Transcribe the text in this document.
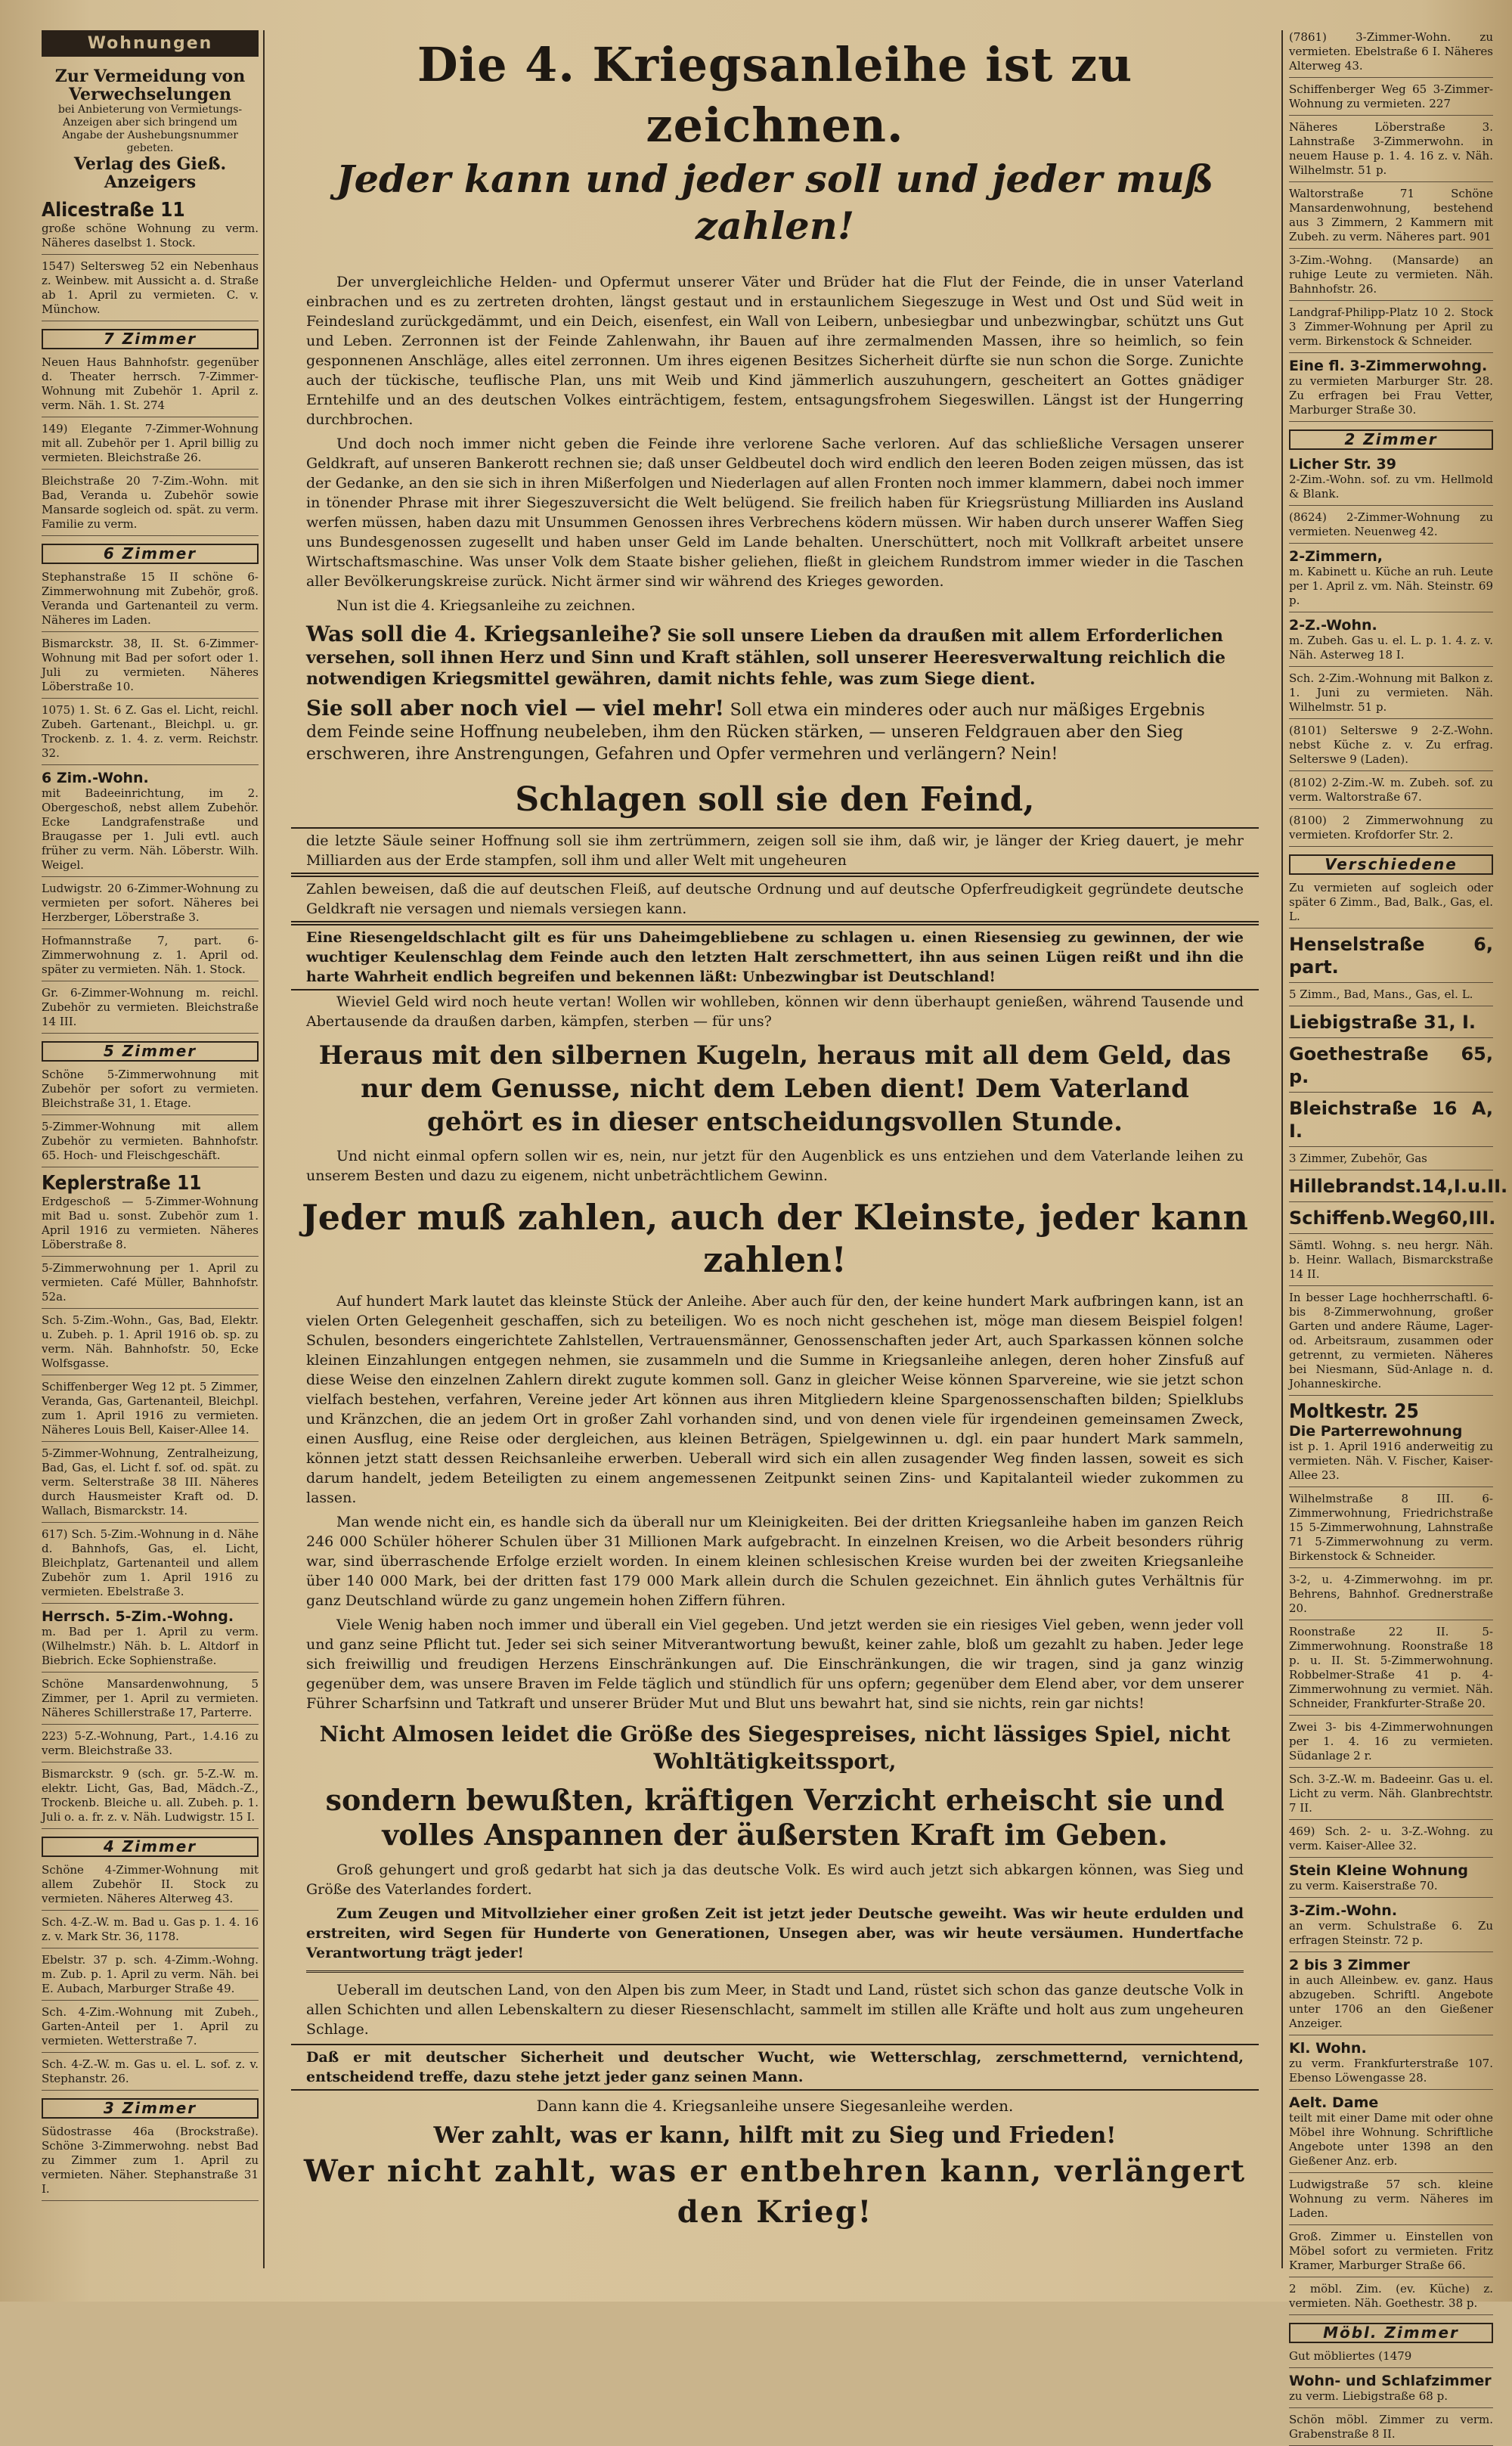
Wohnungen
Zur Vermeidung von Verwechselungen
bei Anbieterung von Vermietungs-Anzeigen aber sich bringend um Angabe der Aushebungsnummer gebeten.
Verlag des Gieß. Anzeigers
Alicestraße 11
große schöne Wohnung zu verm. Näheres daselbst 1. Stock.
1547) Seltersweg 52 ein Nebenhaus z. Weinbew. mit Aussicht a. d. Straße ab 1. April zu vermieten. C. v. Münchow.
7 Zimmer
Neuen Haus Bahnhofstr. gegenüber d. Theater herrsch. 7-Zimmer-Wohnung mit Zubehör 1. April z. verm. Näh. 1. St. 274
149) Elegante 7-Zimmer-Wohnung mit all. Zubehör per 1. April billig zu vermieten. Bleichstraße 26.
Bleichstraße 20 7-Zim.-Wohn. mit Bad, Veranda u. Zubehör sowie Mansarde sogleich od. spät. zu verm. Familie zu verm.
6 Zimmer
Stephanstraße 15 II schöne 6-Zimmerwohnung mit Zubehör, groß. Veranda und Gartenanteil zu verm. Näheres im Laden.
Bismarckstr. 38, II. St. 6-Zimmer-Wohnung mit Bad per sofort oder 1. Juli zu vermieten. Näheres Löberstraße 10.
1075) 1. St. 6 Z. Gas el. Licht, reichl. Zubeh. Gartenant., Bleichpl. u. gr. Trockenb. z. 1. 4. z. verm. Reichstr. 32.
6 Zim.-Wohn.
mit Badeeinrichtung, im 2. Obergeschoß, nebst allem Zubehör. Ecke Landgrafenstraße und Braugasse per 1. Juli evtl. auch früher zu verm. Näh. Löberstr. Wilh. Weigel.
Ludwigstr. 20 6-Zimmer-Wohnung zu vermieten per sofort. Näheres bei Herzberger, Löberstraße 3.
Hofmannstraße 7, part. 6-Zimmerwohnung z. 1. April od. später zu vermieten. Näh. 1. Stock.
Gr. 6-Zimmer-Wohnung m. reichl. Zubehör zu vermieten. Bleichstraße 14 III.
5 Zimmer
Schöne 5-Zimmerwohnung mit Zubehör per sofort zu vermieten. Bleichstraße 31, 1. Etage.
5-Zimmer-Wohnung mit allem Zubehör zu vermieten. Bahnhofstr. 65. Hoch- und Fleischgeschäft.
Keplerstraße 11
Erdgeschoß — 5-Zimmer-Wohnung mit Bad u. sonst. Zubehör zum 1. April 1916 zu vermieten. Näheres Löberstraße 8.
5-Zimmerwohnung per 1. April zu vermieten. Café Müller, Bahnhofstr. 52a.
Sch. 5-Zim.-Wohn., Gas, Bad, Elektr. u. Zubeh. p. 1. April 1916 ob. sp. zu verm. Näh. Bahnhofstr. 50, Ecke Wolfsgasse.
Schiffenberger Weg 12 pt. 5 Zimmer, Veranda, Gas, Gartenanteil, Bleichpl. zum 1. April 1916 zu vermieten. Näheres Louis Bell, Kaiser-Allee 14.
5-Zimmer-Wohnung, Zentralheizung, Bad, Gas, el. Licht f. sof. od. spät. zu verm. Selterstraße 38 III. Näheres durch Hausmeister Kraft od. D. Wallach, Bismarckstr. 14.
617) Sch. 5-Zim.-Wohnung in d. Nähe d. Bahnhofs, Gas, el. Licht, Bleichplatz, Gartenanteil und allem Zubehör zum 1. April 1916 zu vermieten. Ebelstraße 3.
Herrsch. 5-Zim.-Wohng.
m. Bad per 1. April zu verm. (Wilhelmstr.) Näh. b. L. Altdorf in Biebrich. Ecke Sophienstraße.
Schöne Mansardenwohnung, 5 Zimmer, per 1. April zu vermieten. Näheres Schillerstraße 17, Parterre.
223) 5-Z.-Wohnung, Part., 1.4.16 zu verm. Bleichstraße 33.
Bismarckstr. 9 (sch. gr. 5-Z.-W. m. elektr. Licht, Gas, Bad, Mädch.-Z., Trockenb. Bleiche u. all. Zubeh. p. 1. Juli o. a. fr. z. v. Näh. Ludwigstr. 15 I.
4 Zimmer
Schöne 4-Zimmer-Wohnung mit allem Zubehör II. Stock zu vermieten. Näheres Alterweg 43.
Sch. 4-Z.-W. m. Bad u. Gas p. 1. 4. 16 z. v. Mark Str. 36, 1178.
Ebelstr. 37 p. sch. 4-Zimm.-Wohng. m. Zub. p. 1. April zu verm. Näh. bei E. Aubach, Marburger Straße 49.
Sch. 4-Zim.-Wohnung mit Zubeh., Garten-Anteil per 1. April zu vermieten. Wetterstraße 7.
Sch. 4-Z.-W. m. Gas u. el. L. sof. z. v. Stephanstr. 26.
3 Zimmer
Südostrasse 46a (Brockstraße). Schöne 3-Zimmerwohng. nebst Bad zu Zimmer zum 1. April zu vermieten. Näher. Stephanstraße 31 I.
Die 4. Kriegsanleihe ist zu zeichnen.
Jeder kann und jeder soll und jeder muß zahlen!

Der unvergleichliche Helden- und Opfermut unserer Väter und Brüder hat die Flut der Feinde, die in unser Vaterland einbrachen und es zu zertreten drohten, längst gestaut und in erstaunlichem Siegeszuge in West und Ost und Süd weit in Feindesland zurückgedämmt, und ein Deich, eisenfest, ein Wall von Leibern, unbesiegbar und unbezwingbar, schützt uns Gut und Leben. Zerronnen ist der Feinde Zahlenwahn, ihr Bauen auf ihre zermalmenden Massen, ihre so heimlich, so fein gesponnenen Anschläge, alles eitel zerronnen. Um ihres eigenen Besitzes Sicherheit dürfte sie nun schon die Sorge. Zunichte auch der tückische, teuflische Plan, uns mit Weib und Kind jämmerlich auszuhungern, gescheitert an Gottes gnädiger Erntehilfe und an des deutschen Volkes einträchtigem, festem, entsagungsfrohem Siegeswillen. Längst ist der Hungerring durchbrochen.

Und doch noch immer nicht geben die Feinde ihre verlorene Sache verloren. Auf das schließliche Versagen unserer Geldkraft, auf unseren Bankerott rechnen sie; daß unser Geldbeutel doch wird endlich den leeren Boden zeigen müssen, das ist der Gedanke, an den sie sich in ihren Mißerfolgen und Niederlagen auf allen Fronten noch immer klammern, dabei noch immer in tönender Phrase mit ihrer Siegeszuversicht die Welt belügend. Sie freilich haben für Kriegsrüstung Milliarden ins Ausland werfen müssen, haben dazu mit Unsummen Genossen ihres Verbrechens ködern müssen. Wir haben durch unserer Waffen Sieg uns Bundesgenossen zugesellt und haben unser Geld im Lande behalten. Unerschüttert, noch mit Vollkraft arbeitet unsere Wirtschaftsmaschine. Was unser Volk dem Staate bisher geliehen, fließt in gleichem Rundstrom immer wieder in die Taschen aller Bevölkerungskreise zurück. Nicht ärmer sind wir während des Krieges geworden.

Nun ist die 4. Kriegsanleihe zu zeichnen.

Was soll die 4. Kriegsanleihe? Sie soll unsere Lieben da draußen mit allem Erforderlichen versehen, soll ihnen Herz und Sinn und Kraft stählen, soll unserer Heeresverwaltung reichlich die notwendigen Kriegsmittel gewähren, damit nichts fehle, was zum Siege dient.
Sie soll aber noch viel — viel mehr! Soll etwa ein minderes oder auch nur mäßiges Ergebnis dem Feinde seine Hoffnung neubeleben, ihm den Rücken stärken, — unseren Feldgrauen aber den Sieg erschweren, ihre Anstrengungen, Gefahren und Opfer vermehren und verlängern? Nein!
Schlagen soll sie den Feind,
die letzte Säule seiner Hoffnung soll sie ihm zertrümmern, zeigen soll sie ihm, daß wir, je länger der Krieg dauert, je mehr Milliarden aus der Erde stampfen, soll ihm und aller Welt mit ungeheuren
Zahlen beweisen, daß die auf deutschen Fleiß, auf deutsche Ordnung und auf deutsche Opferfreudigkeit gegründete deutsche Geldkraft nie versagen und niemals versiegen kann.
Eine Riesengeldschlacht gilt es für uns Daheimgebliebene zu schlagen u. einen Riesensieg zu gewinnen, der wie wuchtiger Keulenschlag dem Feinde auch den letzten Halt zerschmettert, ihn aus seinen Lügen reißt und ihn die harte Wahrheit endlich begreifen und bekennen läßt: Unbezwingbar ist Deutschland!

Wieviel Geld wird noch heute vertan! Wollen wir wohlleben, können wir denn überhaupt genießen, während Tausende und Abertausende da draußen darben, kämpfen, sterben — für uns?

Heraus mit den silbernen Kugeln, heraus mit all dem Geld, das nur dem Genusse, nicht dem Leben dient! Dem Vaterland gehört es in dieser entscheidungsvollen Stunde.

Und nicht einmal opfern sollen wir es, nein, nur jetzt für den Augenblick es uns entziehen und dem Vaterlande leihen zu unserem Besten und dazu zu eigenem, nicht unbeträchtlichem Gewinn.

Jeder muß zahlen, auch der Kleinste, jeder kann zahlen!

Auf hundert Mark lautet das kleinste Stück der Anleihe. Aber auch für den, der keine hundert Mark aufbringen kann, ist an vielen Orten Gelegenheit geschaffen, sich zu beteiligen. Wo es noch nicht geschehen ist, möge man diesem Beispiel folgen! Schulen, besonders eingerichtete Zahlstellen, Vertrauensmänner, Genossenschaften jeder Art, auch Sparkassen können solche kleinen Einzahlungen entgegen nehmen, sie zusammeln und die Summe in Kriegsanleihe anlegen, deren hoher Zinsfuß auf diese Weise den einzelnen Zahlern direkt zugute kommen soll. Ganz in gleicher Weise können Sparvereine, wie sie jetzt schon vielfach bestehen, verfahren, Vereine jeder Art können aus ihren Mitgliedern kleine Spargenossenschaften bilden; Spielklubs und Kränzchen, die an jedem Ort in großer Zahl vorhanden sind, und von denen viele für irgendeinen gemeinsamen Zweck, einen Ausflug, eine Reise oder dergleichen, aus kleinen Beträgen, Spielgewinnen u. dgl. ein paar hundert Mark sammeln, können jetzt statt dessen Reichsanleihe erwerben. Ueberall wird sich ein allen zusagender Weg finden lassen, soweit es sich darum handelt, jedem Beteiligten zu einem angemessenen Zeitpunkt seinen Zins- und Kapitalanteil wieder zukommen zu lassen.

Man wende nicht ein, es handle sich da überall nur um Kleinigkeiten. Bei der dritten Kriegsanleihe haben im ganzen Reich 246 000 Schüler höherer Schulen über 31 Millionen Mark aufgebracht. In einzelnen Kreisen, wo die Arbeit besonders rührig war, sind überraschende Erfolge erzielt worden. In einem kleinen schlesischen Kreise wurden bei der zweiten Kriegsanleihe über 140 000 Mark, bei der dritten fast 179 000 Mark allein durch die Schulen gezeichnet. Ein ähnlich gutes Verhältnis für ganz Deutschland würde zu ganz ungemein hohen Ziffern führen.

Viele Wenig haben noch immer und überall ein Viel gegeben. Und jetzt werden sie ein riesiges Viel geben, wenn jeder voll und ganz seine Pflicht tut. Jeder sei sich seiner Mitverantwortung bewußt, keiner zahle, bloß um gezahlt zu haben. Jeder lege sich freiwillig und freudigen Herzens Einschränkungen auf. Die Einschränkungen, die wir tragen, sind ja ganz winzig gegenüber dem, was unsere Braven im Felde täglich und stündlich für uns opfern; gegenüber dem Elend aber, vor dem unserer Führer Scharfsinn und Tatkraft und unserer Brüder Mut und Blut uns bewahrt hat, sind sie nichts, rein gar nichts!

Nicht Almosen leidet die Größe des Siegespreises, nicht lässiges Spiel, nicht Wohltätigkeitssport,
sondern bewußten, kräftigen Verzicht erheischt sie und volles Anspannen der äußersten Kraft im Geben.

Groß gehungert und groß gedarbt hat sich ja das deutsche Volk. Es wird auch jetzt sich abkargen können, was Sieg und Größe des Vaterlandes fordert.

Zum Zeugen und Mitvollzieher einer großen Zeit ist jetzt jeder Deutsche geweiht. Was wir heute erdulden und erstreiten, wird Segen für Hunderte von Generationen, Unsegen aber, was wir heute versäumen. Hundertfache Verantwortung trägt jeder!

Ueberall im deutschen Land, von den Alpen bis zum Meer, in Stadt und Land, rüstet sich schon das ganze deutsche Volk in allen Schichten und allen Lebenskaltern zu dieser Riesenschlacht, sammelt im stillen alle Kräfte und holt aus zum ungeheuren Schlage.

Daß er mit deutscher Sicherheit und deutscher Wucht, wie Wetterschlag, zerschmetternd, vernichtend, entscheidend treffe, dazu stehe jetzt jeder ganz seinen Mann.
Dann kann die 4. Kriegsanleihe unsere Siegesanleihe werden.
Wer zahlt, was er kann, hilft mit zu Sieg und Frieden!
Wer nicht zahlt, was er entbehren kann, verlängert den Krieg!
(7861) 3-Zimmer-Wohn. zu vermieten. Ebelstraße 6 I. Näheres Alterweg 43.
Schiffenberger Weg 65 3-Zimmer-Wohnung zu vermieten. 227
Näheres Löberstraße 3. Lahnstraße 3-Zimmerwohn. in neuem Hause p. 1. 4. 16 z. v. Näh. Wilhelmstr. 51 p.
Waltorstraße 71 Schöne Mansardenwohnung, bestehend aus 3 Zimmern, 2 Kammern mit Zubeh. zu verm. Näheres part. 901
3-Zim.-Wohng. (Mansarde) an ruhige Leute zu vermieten. Näh. Bahnhofstr. 26.
Landgraf-Philipp-Platz 10 2. Stock 3 Zimmer-Wohnung per April zu verm. Birkenstock & Schneider.
Eine fl. 3-Zimmerwohng.
zu vermieten Marburger Str. 28. Zu erfragen bei Frau Vetter, Marburger Straße 30.
2 Zimmer
Licher Str. 39
2-Zim.-Wohn. sof. zu vm. Hellmold & Blank.
(8624) 2-Zimmer-Wohnung zu vermieten. Neuenweg 42.
2-Zimmern,
m. Kabinett u. Küche an ruh. Leute per 1. April z. vm. Näh. Steinstr. 69 p.
2-Z.-Wohn.
m. Zubeh. Gas u. el. L. p. 1. 4. z. v. Näh. Asterweg 18 I.
Sch. 2-Zim.-Wohnung mit Balkon z. 1. Juni zu vermieten. Näh. Wilhelmstr. 51 p.
(8101) Selterswe 9 2-Z.-Wohn. nebst Küche z. v. Zu erfrag. Selterswe 9 (Laden).
(8102) 2-Zim.-W. m. Zubeh. sof. zu verm. Waltorstraße 67.
(8100) 2 Zimmerwohnung zu vermieten. Krofdorfer Str. 2.
Verschiedene
Zu vermieten auf sogleich oder später 6 Zimm., Bad, Balk., Gas, el. L.
Henselstraße 6, part.
5 Zimm., Bad, Mans., Gas, el. L.
Liebigstraße 31, I.
Goethestraße 65, p.
Bleichstraße 16 A, I.
3 Zimmer, Zubehör, Gas
Hillebrandst.14,I.u.II.
Schiffenb.Weg60,III.
Sämtl. Wohng. s. neu hergr. Näh. b. Heinr. Wallach, Bismarckstraße 14 II.
In besser Lage hochherrschaftl. 6- bis 8-Zimmerwohnung, großer Garten und andere Räume, Lager- od. Arbeitsraum, zusammen oder getrennt, zu vermieten. Näheres bei Niesmann, Süd-Anlage n. d. Johanneskirche.
Moltkestr. 25
Die Parterrewohnung
ist p. 1. April 1916 anderweitig zu vermieten. Näh. V. Fischer, Kaiser-Allee 23.
Wilhelmstraße 8 III. 6-Zimmerwohnung, Friedrichstraße 15 5-Zimmerwohnung, Lahnstraße 71 5-Zimmerwohnung zu verm. Birkenstock & Schneider.
3-2, u. 4-Zimmerwohng. im pr. Behrens, Bahnhof. Grednerstraße 20.
Roonstraße 22 II. 5-Zimmerwohnung. Roonstraße 18 p. u. II. St. 5-Zimmerwohnung. Robbelmer-Straße 41 p. 4-Zimmerwohnung zu vermiet. Näh. Schneider, Frankfurter-Straße 20.
Zwei 3- bis 4-Zimmerwohnungen per 1. 4. 16 zu vermieten. Südanlage 2 r.
Sch. 3-Z.-W. m. Badeeinr. Gas u. el. Licht zu verm. Näh. Glanbrechtstr. 7 II.
469) Sch. 2- u. 3-Z.-Wohng. zu verm. Kaiser-Allee 32.
Stein Kleine Wohnung
zu verm. Kaiserstraße 70.
3-Zim.-Wohn.
an verm. Schulstraße 6. Zu erfragen Steinstr. 72 p.
2 bis 3 Zimmer
in auch Alleinbew. ev. ganz. Haus abzugeben. Schriftl. Angebote unter 1706 an den Gießener Anzeiger.
Kl. Wohn.
zu verm. Frankfurterstraße 107. Ebenso Löwengasse 28.
Aelt. Dame
teilt mit einer Dame mit oder ohne Möbel ihre Wohnung. Schriftliche Angebote unter 1398 an den Gießener Anz. erb.
Ludwigstraße 57 sch. kleine Wohnung zu verm. Näheres im Laden.
Groß. Zimmer u. Einstellen von Möbel sofort zu vermieten. Fritz Kramer, Marburger Straße 66.
2 möbl. Zim. (ev. Küche) z. vermieten. Näh. Goethestr. 38 p.
Möbl. Zimmer
Gut möbliertes (1479
Wohn- und Schlafzimmer
zu verm. Liebigstraße 68 p.
Schön möbl. Zimmer zu verm. Grabenstraße 8 II.
